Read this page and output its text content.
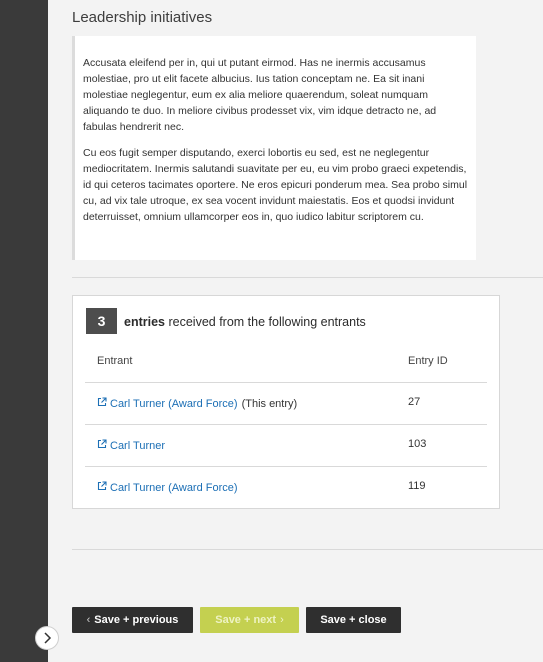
Leadership initiatives

Accusata eleifend per in, qui ut putant eirmod. Has ne inermis accusamus molestiae, pro ut elit facete albucius. Ius tation conceptam ne. Ea sit inani molestiae neglegentur, eum ex alia meliore quaerendum, soleat numquam aliquando te duo. In meliore civibus prodesset vix, vim idque detracto ne, ad fabulas hendrerit nec.

Cu eos fugit semper disputando, exerci lobortis eu sed, est ne neglegentur mediocritatem. Inermis salutandi suavitate per eu, eu vim probo graeci expetendis, id qui ceteros tacimates oportere. Ne eros epicuri ponderum mea. Sea probo simul cu, ad vix tale utroque, ex sea vocent invidunt maiestatis. Eos et quodsi invidunt deterruisset, omnium ullamcorper eos in, quo iudico labitur scriptorem cu.

3	entries received from the following entrants
Entrant	Entry ID
Carl Turner (Award Force) (This entry)	27
Carl Turner	103
Carl Turner (Award Force)	119
‹ Save + previous	Save + next ›	Save + close
